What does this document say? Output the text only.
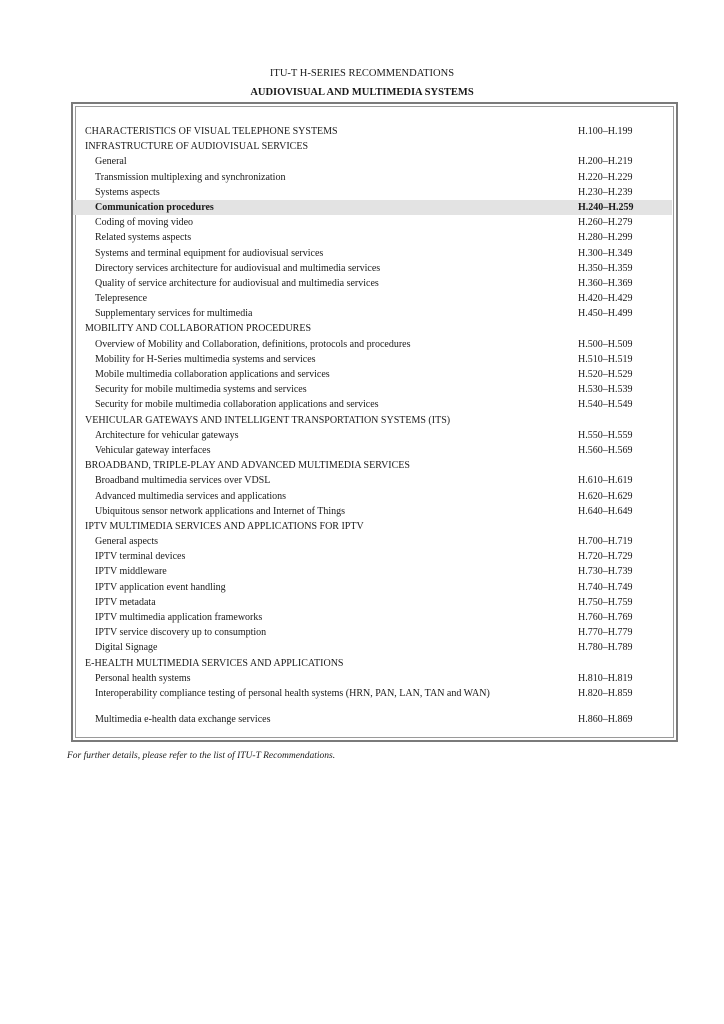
ITU-T H-SERIES RECOMMENDATIONS
AUDIOVISUAL AND MULTIMEDIA SYSTEMS
CHARACTERISTICS OF VISUAL TELEPHONE SYSTEMS	H.100–H.199
INFRASTRUCTURE OF AUDIOVISUAL SERVICES
General	H.200–H.219
Transmission multiplexing and synchronization	H.220–H.229
Systems aspects	H.230–H.239
Communication procedures	H.240–H.259
Coding of moving video	H.260–H.279
Related systems aspects	H.280–H.299
Systems and terminal equipment for audiovisual services	H.300–H.349
Directory services architecture for audiovisual and multimedia services	H.350–H.359
Quality of service architecture for audiovisual and multimedia services	H.360–H.369
Telepresence	H.420–H.429
Supplementary services for multimedia	H.450–H.499
MOBILITY AND COLLABORATION PROCEDURES
Overview of Mobility and Collaboration, definitions, protocols and procedures	H.500–H.509
Mobility for H-Series multimedia systems and services	H.510–H.519
Mobile multimedia collaboration applications and services	H.520–H.529
Security for mobile multimedia systems and services	H.530–H.539
Security for mobile multimedia collaboration applications and services	H.540–H.549
VEHICULAR GATEWAYS AND INTELLIGENT TRANSPORTATION SYSTEMS (ITS)
Architecture for vehicular gateways	H.550–H.559
Vehicular gateway interfaces	H.560–H.569
BROADBAND, TRIPLE-PLAY AND ADVANCED MULTIMEDIA SERVICES
Broadband multimedia services over VDSL	H.610–H.619
Advanced multimedia services and applications	H.620–H.629
Ubiquitous sensor network applications and Internet of Things	H.640–H.649
IPTV MULTIMEDIA SERVICES AND APPLICATIONS FOR IPTV
General aspects	H.700–H.719
IPTV terminal devices	H.720–H.729
IPTV middleware	H.730–H.739
IPTV application event handling	H.740–H.749
IPTV metadata	H.750–H.759
IPTV multimedia application frameworks	H.760–H.769
IPTV service discovery up to consumption	H.770–H.779
Digital Signage	H.780–H.789
E-HEALTH MULTIMEDIA SERVICES AND APPLICATIONS
Personal health systems	H.810–H.819
Interoperability compliance testing of personal health systems (HRN, PAN, LAN, TAN and WAN)	H.820–H.859
Multimedia e-health data exchange services	H.860–H.869
For further details, please refer to the list of ITU-T Recommendations.
